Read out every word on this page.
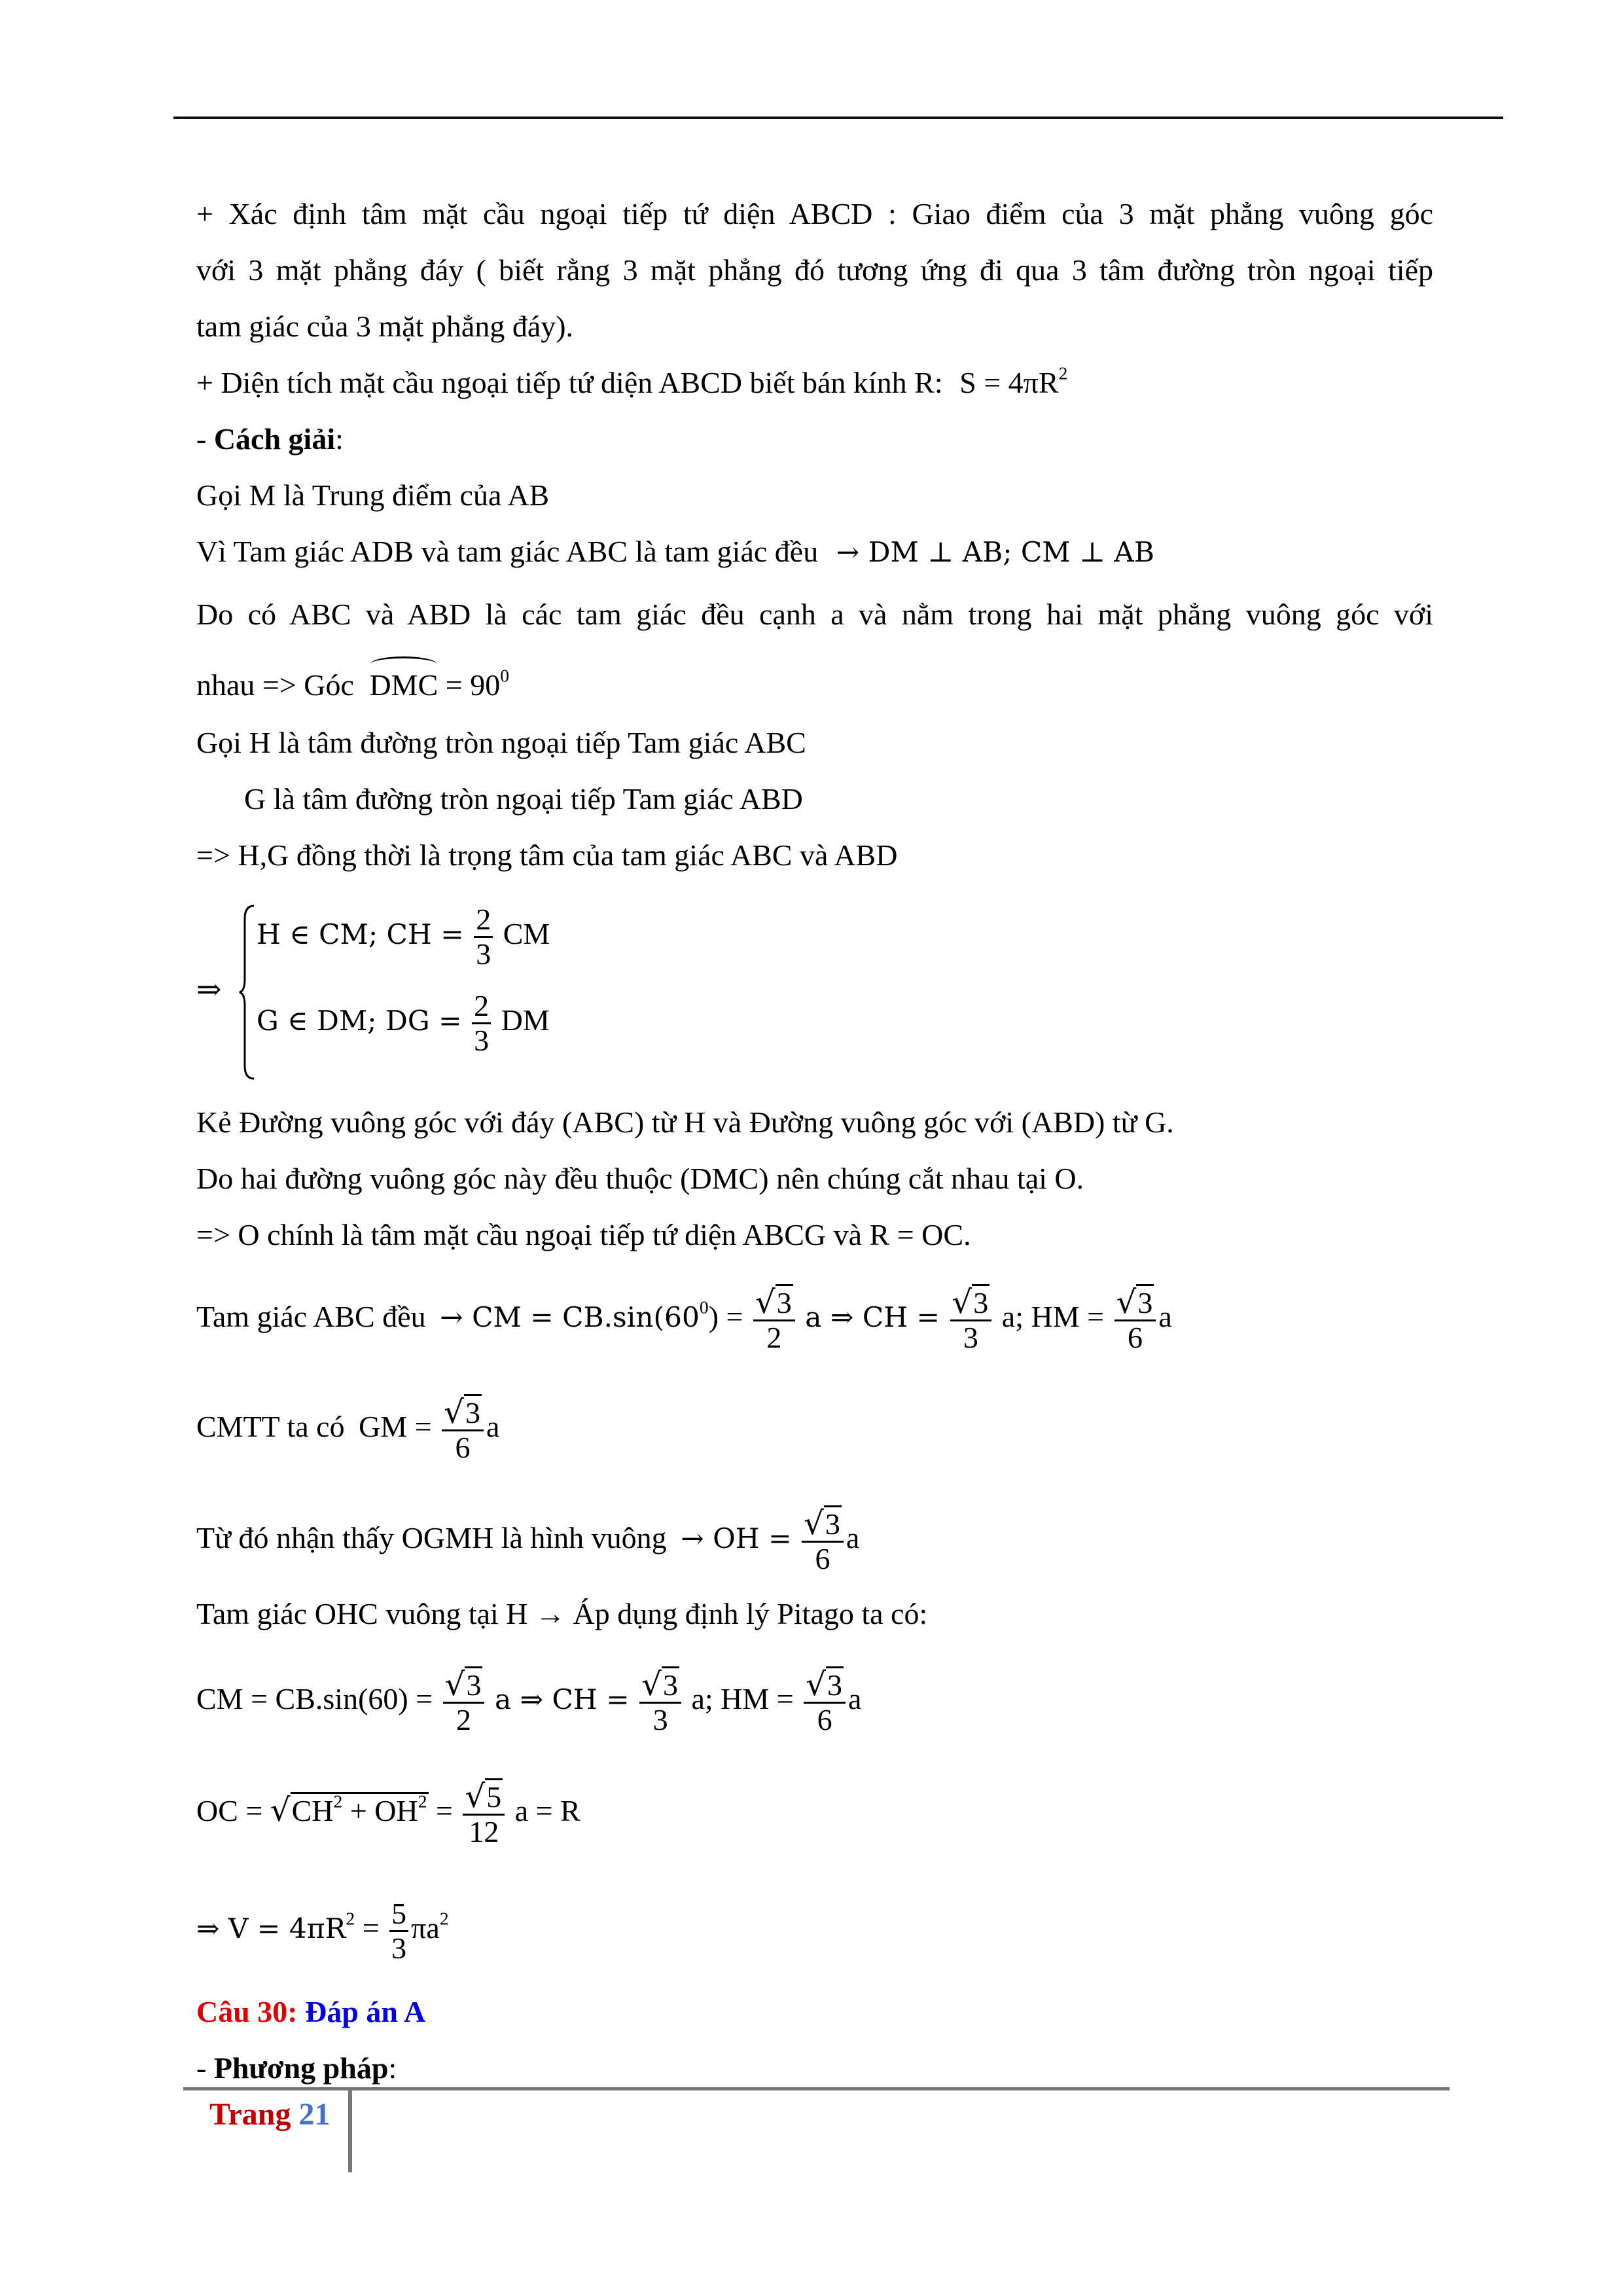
+ Xác định tâm mặt cầu ngoại tiếp tứ diện ABCD : Giao điểm của 3 mặt phẳng vuông góc
với 3 mặt phẳng đáy ( biết rằng 3 mặt phẳng đó tương ứng đi qua 3 tâm đường tròn ngoại tiếp
tam giác của 3 mặt phẳng đáy).
+ Diện tích mặt cầu ngoại tiếp tứ diện ABCD biết bán kính R: $S = 4\pi R^2$
- Cách giải:
Gọi M là Trung điểm của AB
Vì Tam giác ADB và tam giác ABC là tam giác đều → DM ⊥ AB; CM ⊥ AB
Do có ABC và ABD là các tam giác đều cạnh a và nằm trong hai mặt phẳng vuông góc với
nhau => Góc DMC = $90^0$
Gọi H là tâm đường tròn ngoại tiếp Tam giác ABC
G là tâm đường tròn ngoại tiếp Tam giác ABD
=> H,G đồng thời là trọng tâm của tam giác ABC và ABD
⇒
H ∈ CM; CH = $\frac{2}{3}$ CM
G ∈ DM; DG = $\frac{2}{3}$ DM
Kẻ Đường vuông góc với đáy (ABC) từ H và Đường vuông góc với (ABD) từ G.
Do hai đường vuông góc này đều thuộc (DMC) nên chúng cắt nhau tại O.
=> O chính là tâm mặt cầu ngoại tiếp tứ diện ABCG và R = OC.
Tam giác ABC đều → CM = $CB.\sin(60^0) = \frac{√3}{2}$ a ⇒ CH = $\frac{√3}{3} a$; HM = $\frac{√3}{6}$ a
CMTT ta có GM = $\frac{√3}{6}$ a
Từ đó nhận thấy OGMH là hình vuông → OH = $\frac{√3}{6}$ a
Tam giác OHC vuông tại H → Áp dụng định lý Pitago ta có:
CM = $CB.\sin(60) = \frac{√3}{2}$ a ⇒ CH = $\frac{√3}{3} a$; HM = $\frac{√3}{6}$ a
OC = $√CH^2 + OH^2 = \frac{√5}{12}$ a = R
⇒ $V = 4\pi R^2 = \frac{5}{3} \pi a^2$
Câu 30: Đáp án A
- Phương pháp:
Trang 21
